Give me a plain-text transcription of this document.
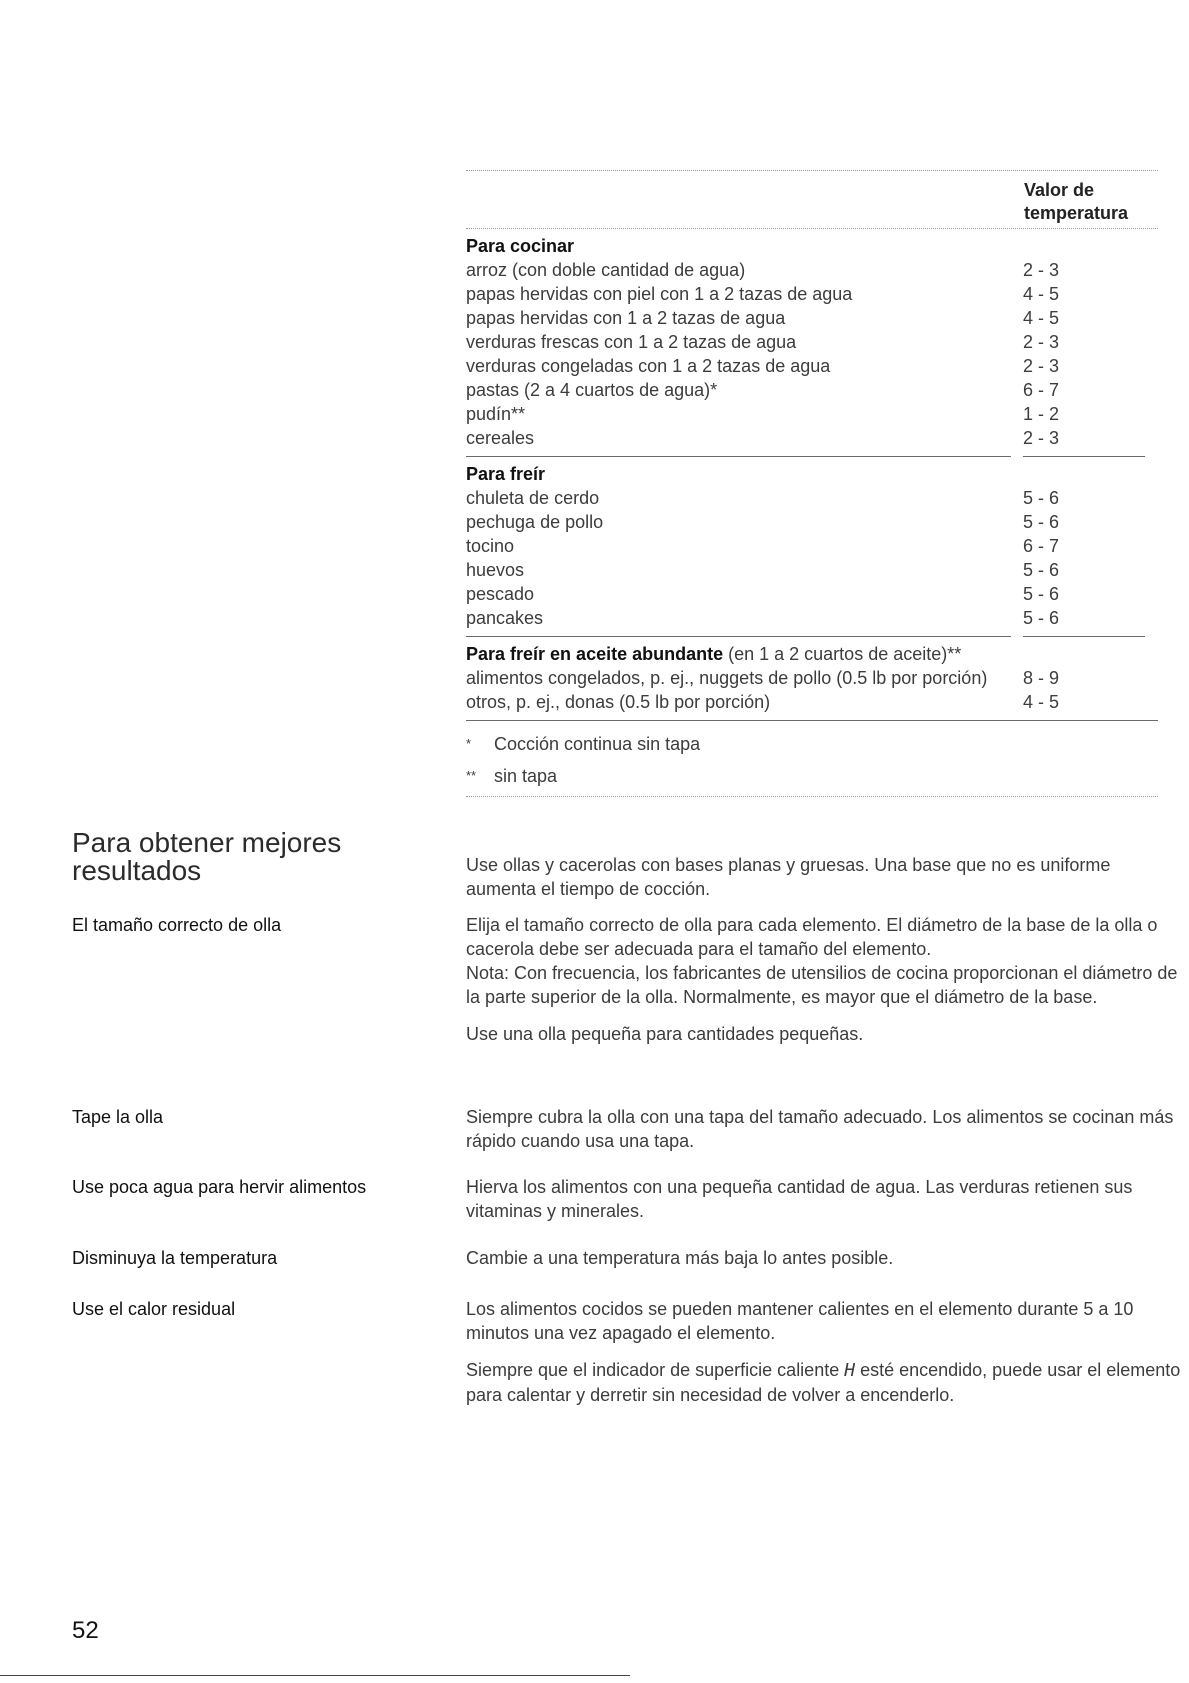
Valor de
temperatura
Para cocinar
arroz (con doble cantidad de agua)	2 - 3
papas hervidas con piel con 1 a 2 tazas de agua	4 - 5
papas hervidas con 1 a 2 tazas de agua	4 - 5
verduras frescas con 1 a 2 tazas de agua	2 - 3
verduras congeladas con 1 a 2 tazas de agua	2 - 3
pastas (2 a 4 cuartos de agua)*	6 - 7
pudín**	1 - 2
cereales	2 - 3
Para freír
chuleta de cerdo	5 - 6
pechuga de pollo	5 - 6
tocino	6 - 7
huevos	5 - 6
pescado	5 - 6
pancakes	5 - 6
Para freír en aceite abundante (en 1 a 2 cuartos de aceite)**
alimentos congelados, p. ej., nuggets de pollo (0.5 lb por porción)	8 - 9
otros, p. ej., donas (0.5 lb por porción)	4 - 5
*	Cocción continua sin tapa
** sin tapa
Para obtener mejores resultados	Use ollas y cacerolas con bases planas y gruesas. Una base que no es uniforme aumenta el tiempo de cocción.
El tamaño correcto de olla	Elija el tamaño correcto de olla para cada elemento. El diámetro de la base de la olla o cacerola debe ser adecuada para el tamaño del elemento.
Nota: Con frecuencia, los fabricantes de utensilios de cocina proporcionan el diámetro de la parte superior de la olla. Normalmente, es mayor que el diámetro de la base.
Use una olla pequeña para cantidades pequeñas.
Tape la olla	Siempre cubra la olla con una tapa del tamaño adecuado. Los alimentos se cocinan más rápido cuando usa una tapa.
Use poca agua para hervir alimentos	Hierva los alimentos con una pequeña cantidad de agua. Las verduras retienen sus vitaminas y minerales.
Disminuya la temperatura	Cambie a una temperatura más baja lo antes posible.
Use el calor residual	Los alimentos cocidos se pueden mantener calientes en el elemento durante 5 a 10 minutos una vez apagado el elemento.
Siempre que el indicador de superficie caliente H esté encendido, puede usar el elemento para calentar y derretir sin necesidad de volver a encenderlo.
52
